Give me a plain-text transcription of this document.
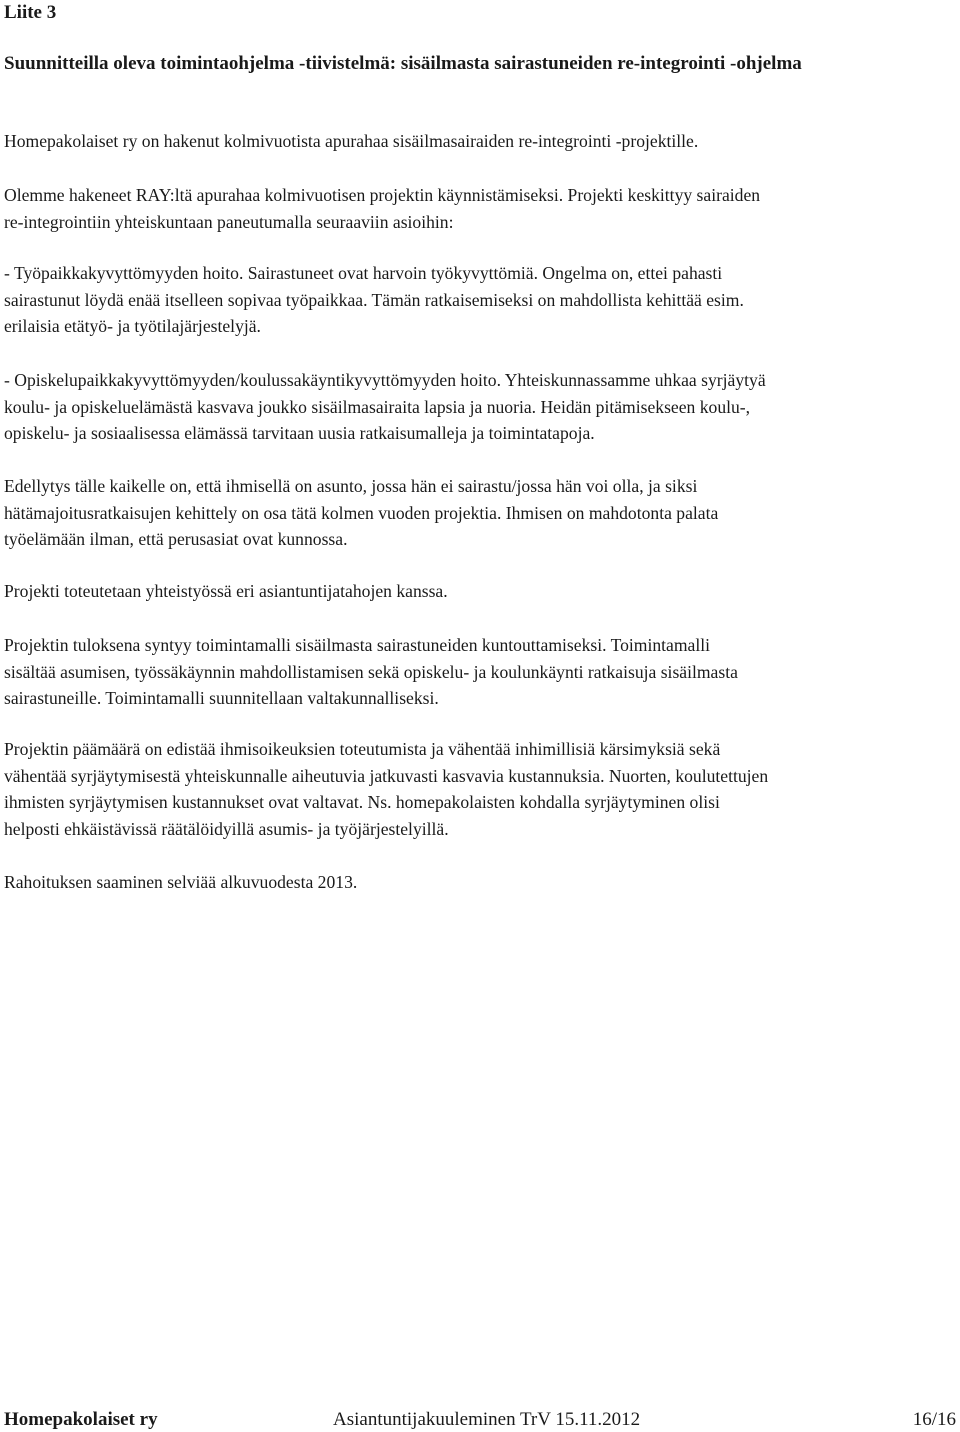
Liite 3
Suunnitteilla oleva toimintaohjelma -tiivistelmä: sisäilmasta sairastuneiden re-integrointi -ohjelma

Homepakolaiset ry on hakenut kolmivuotista apurahaa sisäilmasairaiden re-integrointi -projektille.

Olemme hakeneet RAY:ltä apurahaa kolmivuotisen projektin käynnistämiseksi. Projekti keskittyy sairaiden
re-integrointiin yhteiskuntaan paneutumalla seuraaviin asioihin:

- Työpaikkakyvyttömyyden hoito. Sairastuneet ovat harvoin työkyvyttömiä. Ongelma on, ettei pahasti
sairastunut löydä enää itselleen sopivaa työpaikkaa. Tämän ratkaisemiseksi on mahdollista kehittää esim.
erilaisia etätyö- ja työtilajärjestelyjä.

- Opiskelupaikkakyvyttömyyden/koulussakäyntikyvyttömyyden hoito. Yhteiskunnassamme uhkaa syrjäytyä
koulu- ja opiskeluelämästä kasvava joukko sisäilmasairaita lapsia ja nuoria. Heidän pitämisekseen koulu-,
opiskelu- ja sosiaalisessa elämässä tarvitaan uusia ratkaisumalleja ja toimintatapoja.

Edellytys tälle kaikelle on, että ihmisellä on asunto, jossa hän ei sairastu/jossa hän voi olla, ja siksi
hätämajoitusratkaisujen kehittely on osa tätä kolmen vuoden projektia. Ihmisen on mahdotonta palata
työelämään ilman, että perusasiat ovat kunnossa.

Projekti toteutetaan yhteistyössä eri asiantuntijatahojen kanssa.

Projektin tuloksena syntyy toimintamalli sisäilmasta sairastuneiden kuntouttamiseksi. Toimintamalli
sisältää asumisen, työssäkäynnin mahdollistamisen sekä opiskelu- ja koulunkäynti ratkaisuja sisäilmasta
sairastuneille. Toimintamalli suunnitellaan valtakunnalliseksi.

Projektin päämäärä on edistää ihmisoikeuksien toteutumista ja vähentää inhimillisiä kärsimyksiä sekä
vähentää syrjäytymisestä yhteiskunnalle aiheutuvia jatkuvasti kasvavia kustannuksia. Nuorten, koulutettujen
ihmisten syrjäytymisen kustannukset ovat valtavat. Ns. homepakolaisten kohdalla syrjäytyminen olisi
helposti ehkäistävissä räätälöidyillä asumis- ja työjärjestelyillä.

Rahoituksen saaminen selviää alkuvuodesta 2013.

Homepakolaiset ry	Asiantuntijakuuleminen TrV 15.11.2012	16/16
